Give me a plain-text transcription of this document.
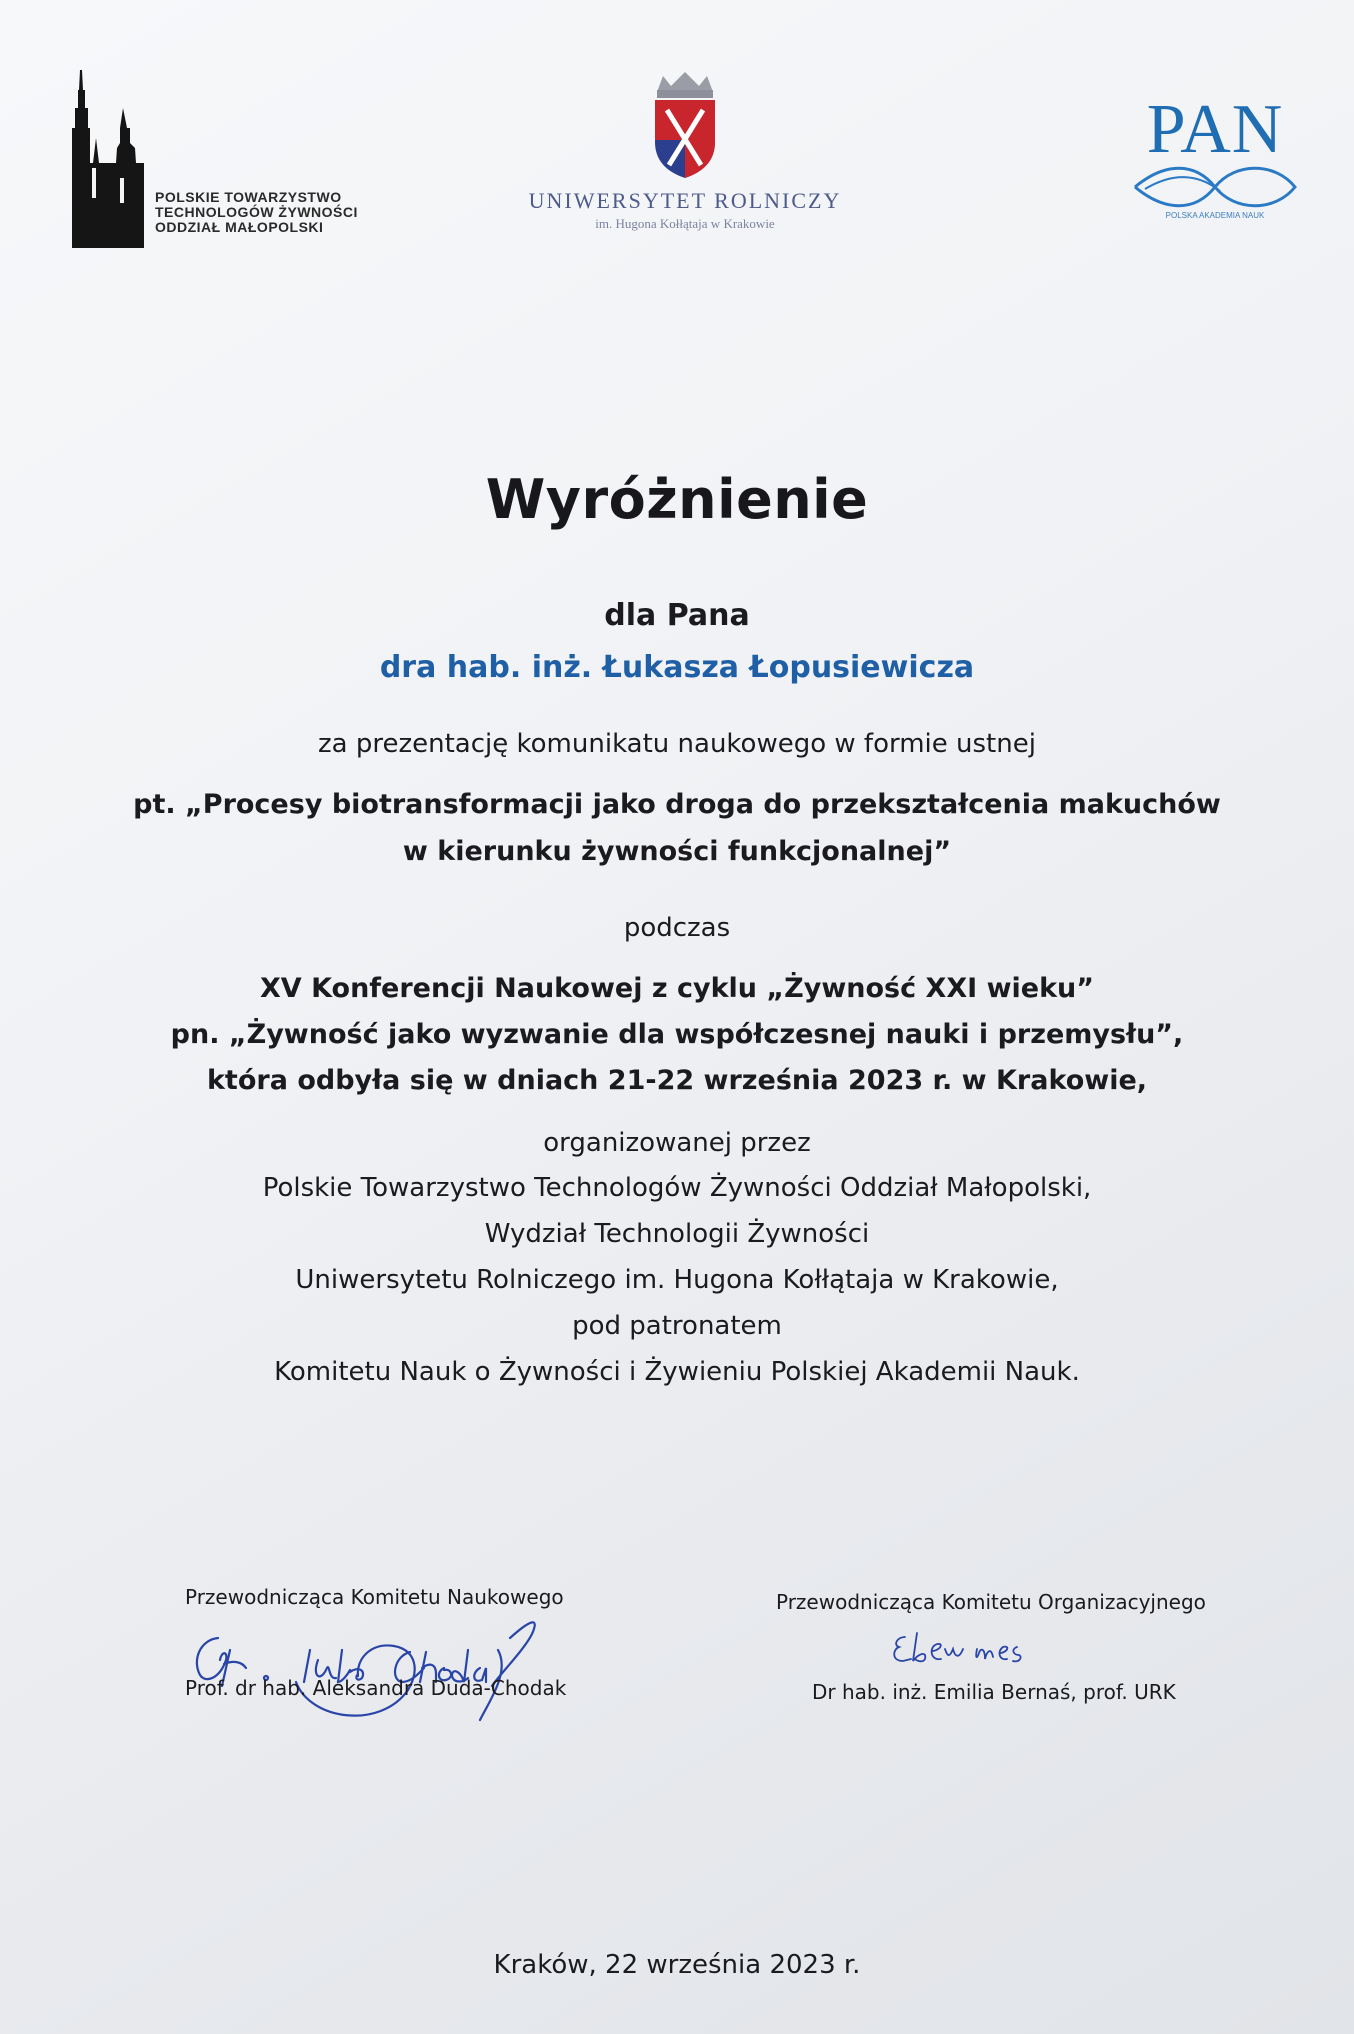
POLSKIE TOWARZYSTWO
TECHNOLOGÓW ŻYWNOŚCI
ODDZIAŁ MAŁOPOLSKI
UNIWERSYTET ROLNICZY
im. Hugona Kołłątaja w Krakowie
PAN
POLSKA AKADEMIA NAUK
Wyróżnienie
dla Pana
dra hab. inż. Łukasza Łopusiewicza
za prezentację komunikatu naukowego w formie ustnej
pt. „Procesy biotransformacji jako droga do przekształcenia makuchów
w kierunku żywności funkcjonalnej”
podczas
XV Konferencji Naukowej z cyklu „Żywność XXI wieku”
pn. „Żywność jako wyzwanie dla współczesnej nauki i przemysłu”,
która odbyła się w dniach 21-22 września 2023 r. w Krakowie,
organizowanej przez
Polskie Towarzystwo Technologów Żywności Oddział Małopolski,
Wydział Technologii Żywności
Uniwersytetu Rolniczego im. Hugona Kołłątaja w Krakowie,
pod patronatem
Komitetu Nauk o Żywności i Żywieniu Polskiej Akademii Nauk.
Przewodnicząca Komitetu Naukowego
Prof. dr hab. Aleksandra Duda-Chodak
Przewodnicząca Komitetu Organizacyjnego
Dr hab. inż. Emilia Bernaś, prof. URK
Kraków, 22 września 2023 r.
